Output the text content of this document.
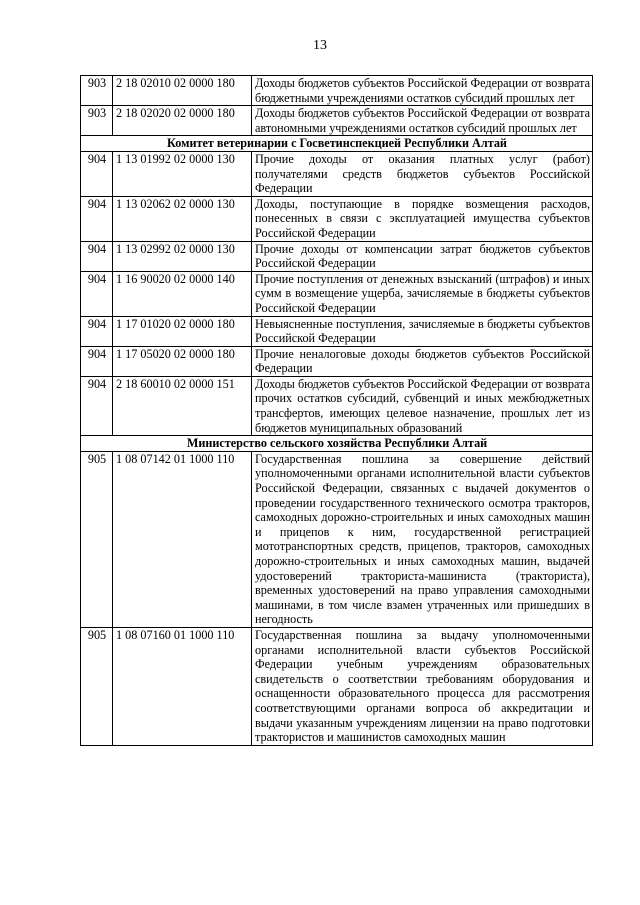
13
903	2 18 02010 02 0000 180	Доходы бюджетов субъектов Российской Федерации от возврата бюджетными учреждениями остатков субсидий прошлых лет
903	2 18 02020 02 0000 180	Доходы бюджетов субъектов Российской Федерации от возврата автономными учреждениями остатков субсидий прошлых лет
Комитет ветеринарии с Госветинспекцией Республики Алтай		
904	1 13 01992 02 0000 130	Прочие доходы от оказания платных услуг (работ) получателями средств бюджетов субъектов Российской Федерации
904	1 13 02062 02 0000 130	Доходы, поступающие в порядке возмещения расходов, понесенных в связи с эксплуатацией имущества субъектов Российской Федерации
904	1 13 02992 02 0000 130	Прочие доходы от компенсации затрат бюджетов субъектов Российской Федерации
904	1 16 90020 02 0000 140	Прочие поступления от денежных взысканий (штрафов) и иных сумм в возмещение ущерба, зачисляемые в бюджеты субъектов Российской Федерации
904	1 17 01020 02 0000 180	Невыясненные поступления, зачисляемые в бюджеты субъектов Российской Федерации
904	1 17 05020 02 0000 180	Прочие неналоговые доходы бюджетов субъектов Российской Федерации
904	2 18 60010 02 0000 151	Доходы бюджетов субъектов Российской Федерации от возврата прочих остатков субсидий, субвенций и иных межбюджетных трансфертов, имеющих целевое назначение, прошлых лет из бюджетов муниципальных образований
Министерство сельского хозяйства Республики Алтай		
905	1 08 07142 01 1000 110	Государственная пошлина за совершение действий уполномоченными органами исполнительной власти субъектов Российской Федерации, связанных с выдачей документов о проведении государственного технического осмотра тракторов, самоходных дорожно-строительных и иных самоходных машин и прицепов к ним, государственной регистрацией мототранспортных средств, прицепов, тракторов, самоходных дорожно-строительных и иных самоходных машин, выдачей удостоверений тракториста-машиниста (тракториста), временных удостоверений на право управления самоходными машинами, в том числе взамен утраченных или пришедших в негодность
905	1 08 07160 01 1000 110	Государственная пошлина за выдачу уполномоченными органами исполнительной власти субъектов Российской Федерации учебным учреждениям образовательных свидетельств о соответствии требованиям оборудования и оснащенности образовательного процесса для рассмотрения соответствующими органами вопроса об аккредитации и выдачи указанным учреждениям лицензии на право подготовки трактористов и машинистов самоходных машин
